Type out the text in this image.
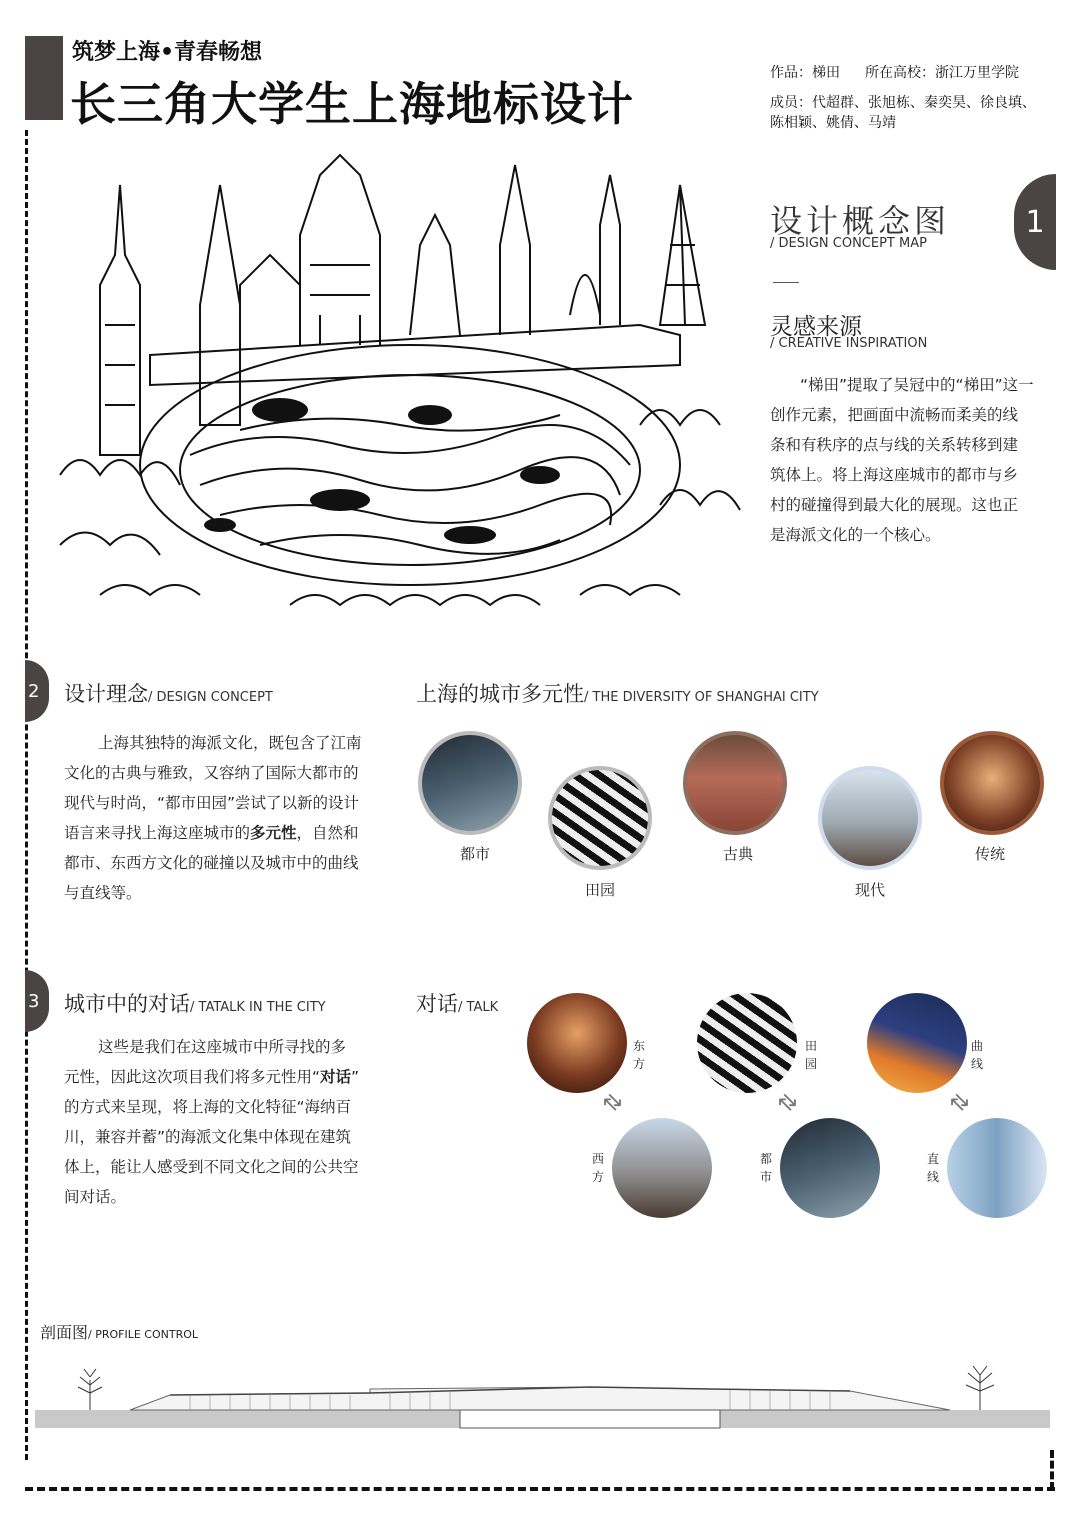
筑梦上海•青春畅想
长三角大学生上海地标设计
作品：梯田 所在高校：浙江万里学院
成员：代超群、张旭栋、秦奕昊、徐良填、
陈相颖、姚倩、马靖
1
设计概念图
/ DESIGN CONCEPT MAP
灵感来源
/ CREATIVE INSPIRATION
“梯田”提取了吴冠中的“梯田”这一
创作元素，把画面中流畅而柔美的线
条和有秩序的点与线的关系转移到建
筑体上。将上海这座城市的都市与乡
村的碰撞得到最大化的展现。这也正
是海派文化的一个核心。
2	设计理念/ DESIGN CONCEPT
上海其独特的海派文化，既包含了江南
文化的古典与雅致，又容纳了国际大都市的
现代与时尚，“都市田园”尝试了以新的设计
语言来寻找上海这座城市的多元性，自然和
都市、东西方文化的碰撞以及城市中的曲线
与直线等。
上海的城市多元性/ THE DIVERSITY OF SHANGHAI CITY
都市
田园
古典
现代
传统
3	城市中的对话/ TATALK IN THE CITY
这些是我们在这座城市中所寻找的多
元性，因此这次项目我们将多元性用“对话”
的方式来呈现，将上海的文化特征“海纳百
川，兼容并蓄”的海派文化集中体现在建筑
体上，能让人感受到不同文化之间的公共空
间对话。
对话/ TALK
东方
⇄
西方
田园
⇄
都市
曲线
⇄
直线
剖面图/ PROFILE CONTROL
